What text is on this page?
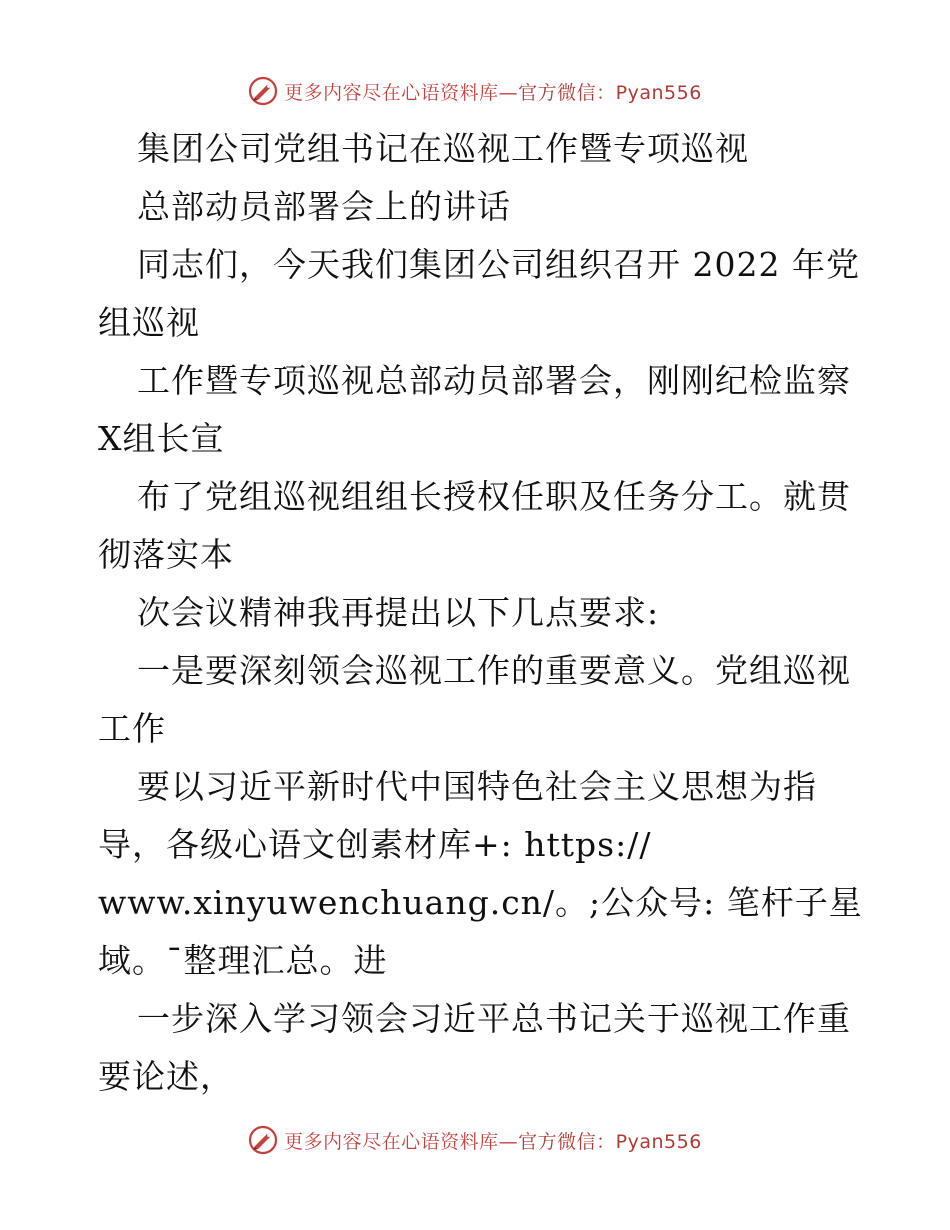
更多内容尽在心语资料库—官方微信：Pyan556
集团公司党组书记在巡视工作暨专项巡视
总部动员部署会上的讲话
同志们，今天我们集团公司组织召开 2022 年党
组巡视
工作暨专项巡视总部动员部署会，刚刚纪检监察
X组长宣
布了党组巡视组组长授权任职及任务分工。就贯
彻落实本
次会议精神我再提出以下几点要求:
一是要深刻领会巡视工作的重要意义。党组巡视
工作
要以习近平新时代中国特色社会主义思想为指
导，各级心语文创素材库+: https://
www.xinyuwenchuang.cn/。;公众号: 笔杆子星
域。¯整理汇总。进
一步深入学习领会习近平总书记关于巡视工作重
要论述，
更多内容尽在心语资料库—官方微信：Pyan556
